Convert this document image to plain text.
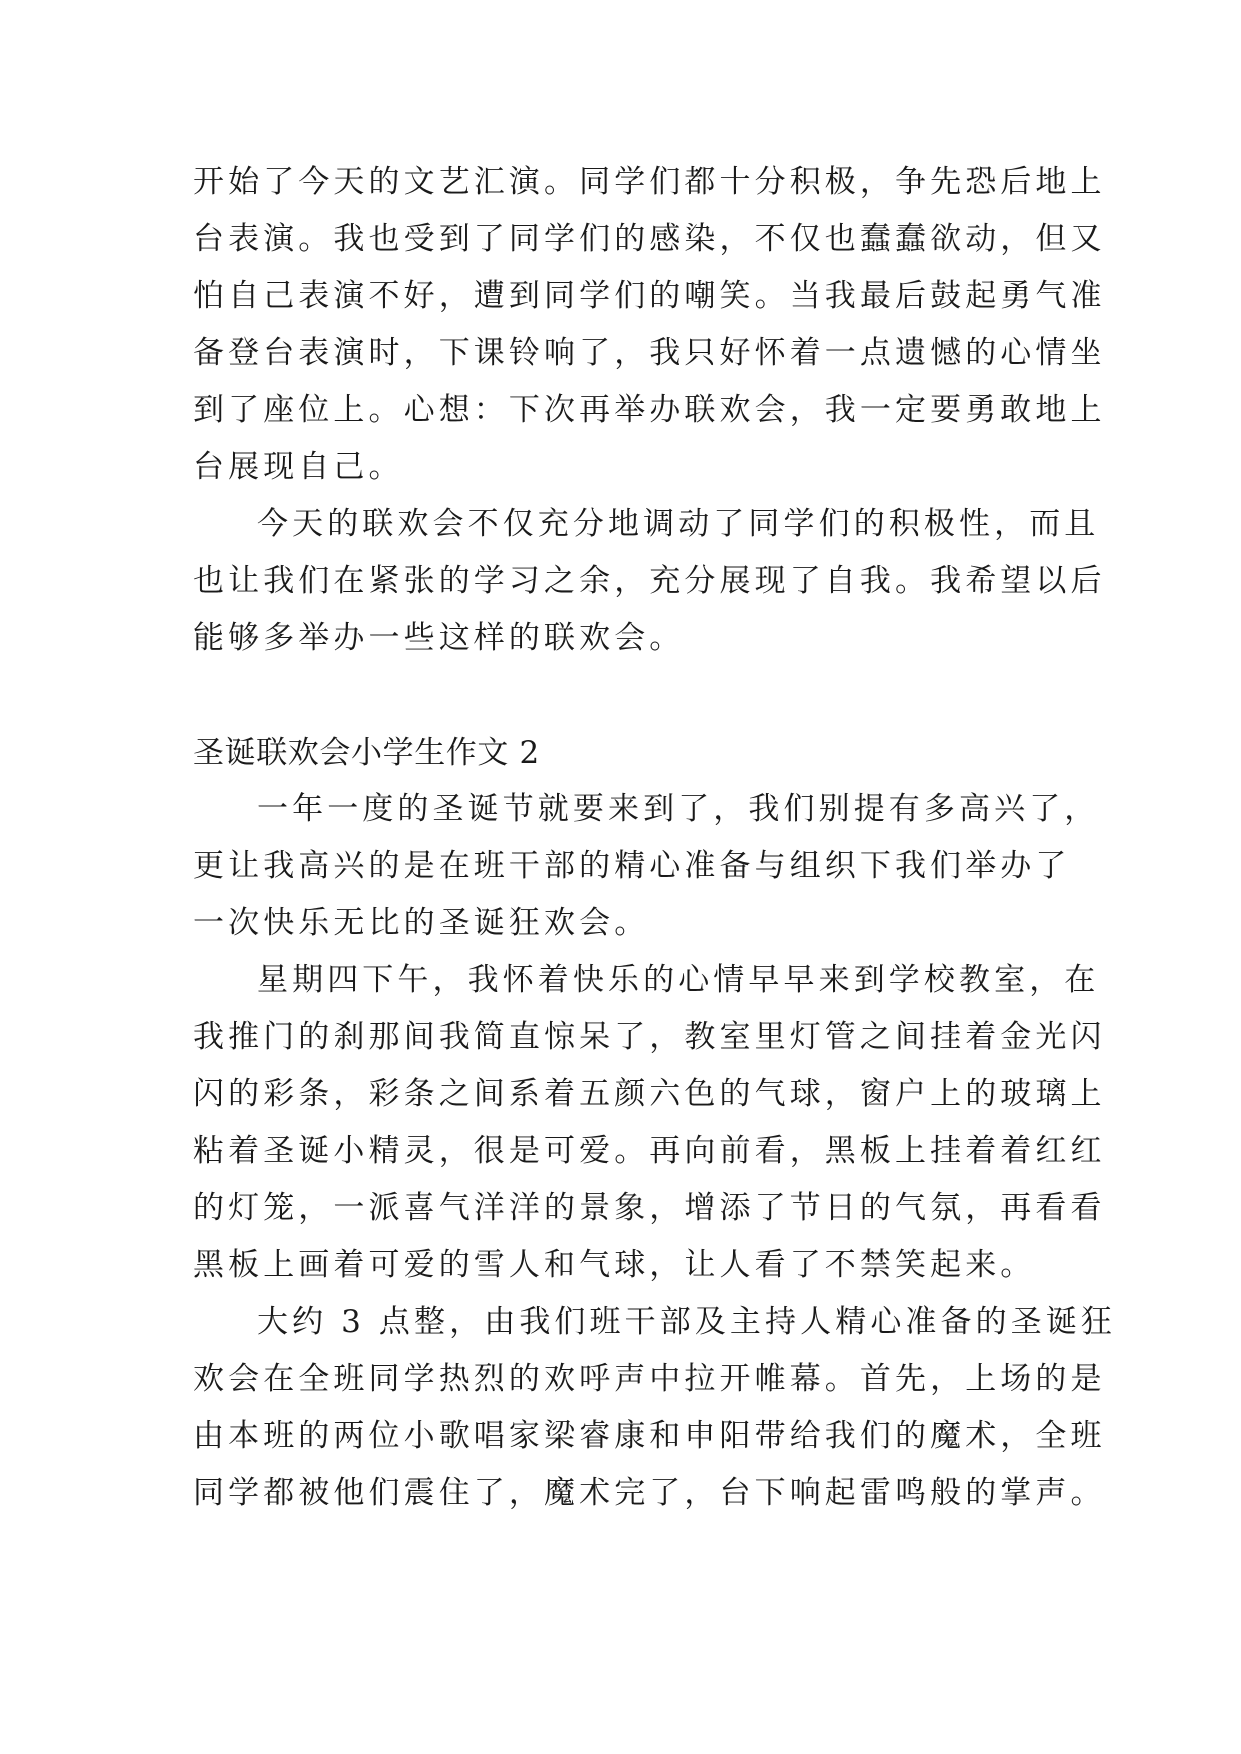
开始了今天的文艺汇演。同学们都十分积极，争先恐后地上

台表演。我也受到了同学们的感染，不仅也蠢蠢欲动，但又

怕自己表演不好，遭到同学们的嘲笑。当我最后鼓起勇气准

备登台表演时，下课铃响了，我只好怀着一点遗憾的心情坐

到了座位上。心想：下次再举办联欢会，我一定要勇敢地上

台展现自己。

今天的联欢会不仅充分地调动了同学们的积极性，而且

也让我们在紧张的学习之余，充分展现了自我。我希望以后

能够多举办一些这样的联欢会。

圣诞联欢会小学生作文 2

一年一度的圣诞节就要来到了，我们别提有多高兴了，

更让我高兴的是在班干部的精心准备与组织下我们举办了

一次快乐无比的圣诞狂欢会。

星期四下午，我怀着快乐的心情早早来到学校教室，在

我推门的刹那间我简直惊呆了，教室里灯管之间挂着金光闪

闪的彩条，彩条之间系着五颜六色的气球，窗户上的玻璃上

粘着圣诞小精灵，很是可爱。再向前看，黑板上挂着着红红

的灯笼，一派喜气洋洋的景象，增添了节日的气氛，再看看

黑板上画着可爱的雪人和气球，让人看了不禁笑起来。

大约 3 点整，由我们班干部及主持人精心准备的圣诞狂

欢会在全班同学热烈的欢呼声中拉开帷幕。首先，上场的是

由本班的两位小歌唱家梁睿康和申阳带给我们的魔术，全班

同学都被他们震住了，魔术完了，台下响起雷鸣般的掌声。
